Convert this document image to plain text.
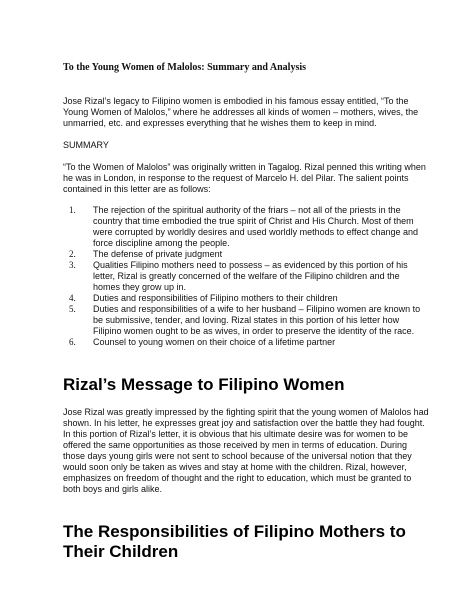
To the Young Women of Malolos: Summary and Analysis

Jose Rizal’s legacy to Filipino women is embodied in his famous essay entitled, “To the Young Women of Malolos,” where he addresses all kinds of women – mothers, wives, the unmarried, etc. and expresses everything that he wishes them to keep in mind.

SUMMARY

“To the Women of Malolos” was originally written in Tagalog. Rizal penned this writing when he was in London, in response to the request of Marcelo H. del Pilar. The salient points contained in this letter are as follows:

1.	The rejection of the spiritual authority of the friars – not all of the priests in the country that time embodied the true spirit of Christ and His Church. Most of them were corrupted by worldly desires and used worldly methods to effect change and force discipline among the people.
2.	The defense of private judgment
3.	Qualities Filipino mothers need to possess – as evidenced by this portion of his letter, Rizal is greatly concerned of the welfare of the Filipino children and the homes they grow up in.
4.	Duties and responsibilities of Filipino mothers to their children
5.	Duties and responsibilities of a wife to her husband – Filipino women are known to be submissive, tender, and loving. Rizal states in this portion of his letter how Filipino women ought to be as wives, in order to preserve the identity of the race.
6.	Counsel to young women on their choice of a lifetime partner
Rizal’s Message to Filipino Women

Jose Rizal was greatly impressed by the fighting spirit that the young women of Malolos had shown. In his letter, he expresses great joy and satisfaction over the battle they had fought. In this portion of Rizal’s letter, it is obvious that his ultimate desire was for women to be offered the same opportunities as those received by men in terms of education. During those days young girls were not sent to school because of the universal notion that they would soon only be taken as wives and stay at home with the children. Rizal, however, emphasizes on freedom of thought and the right to education, which must be granted to both boys and girls alike.

The Responsibilities of Filipino Mothers to Their Children
